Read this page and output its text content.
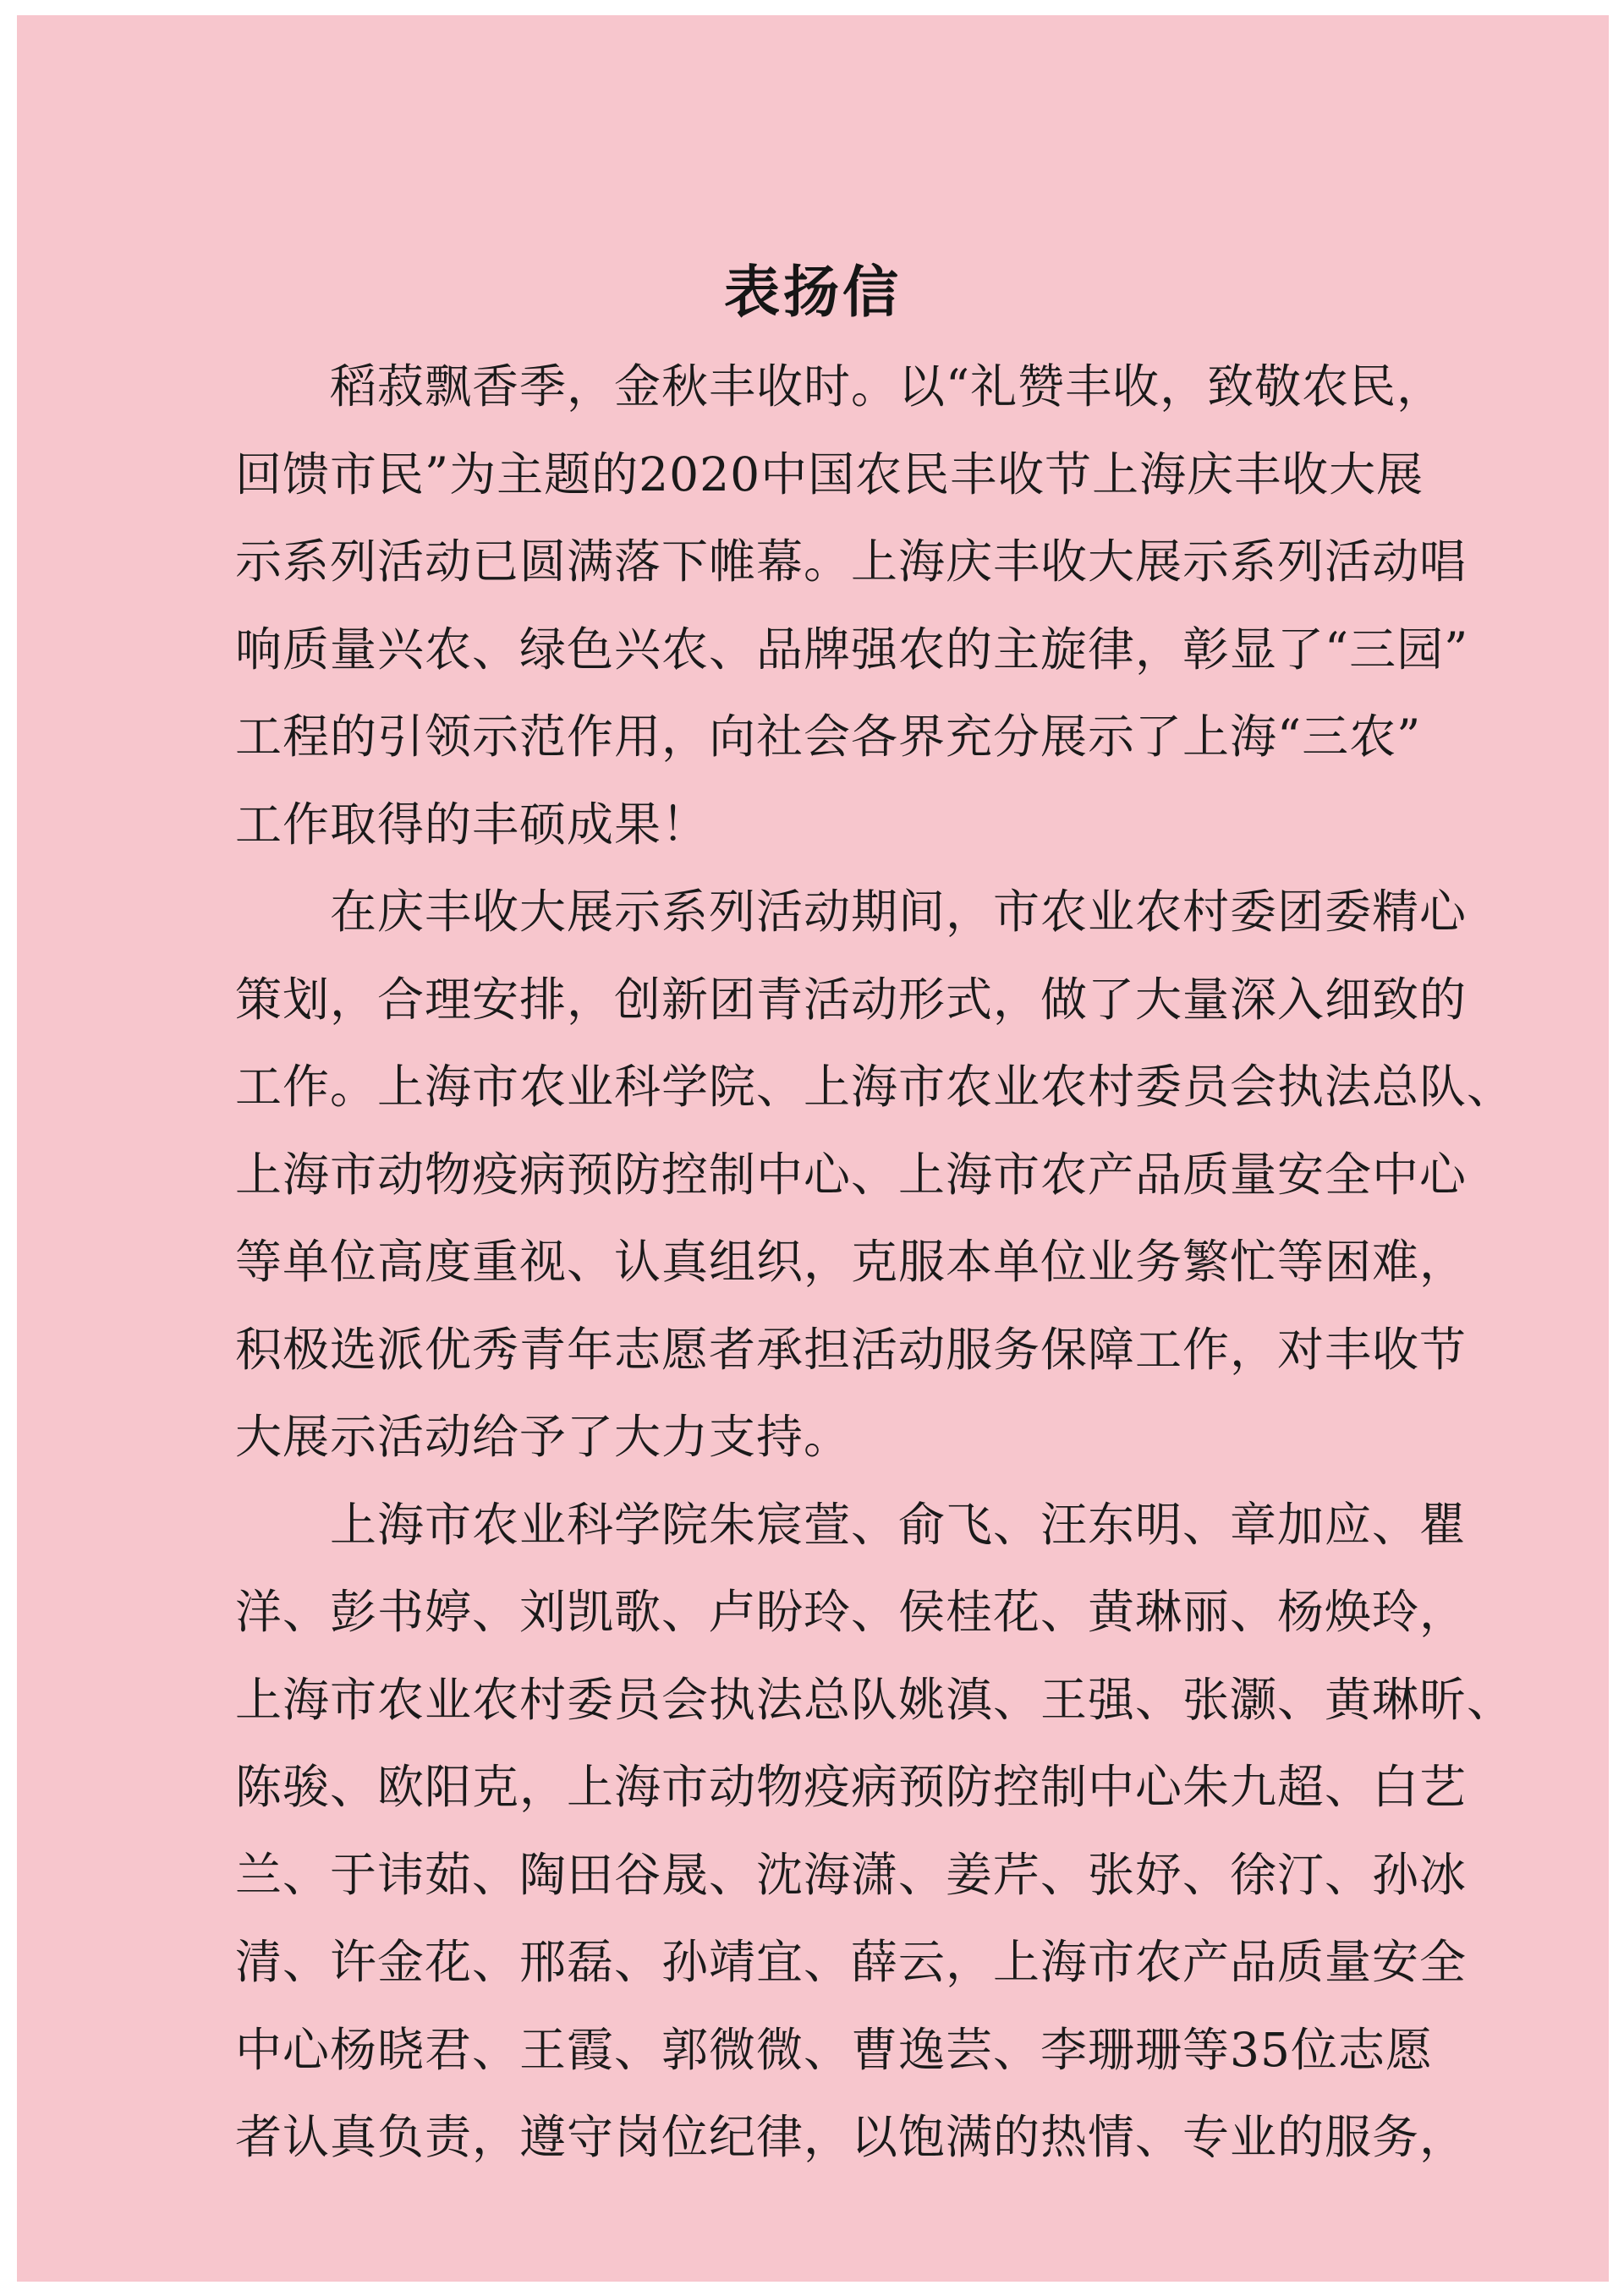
表扬信
稻菽飘香季，金秋丰收时。以“礼赞丰收，致敬农民，
回馈市民”为主题的2020中国农民丰收节上海庆丰收大展
示系列活动已圆满落下帷幕。上海庆丰收大展示系列活动唱
响质量兴农、绿色兴农、品牌强农的主旋律，彰显了“三园”
工程的引领示范作用，向社会各界充分展示了上海“三农”
工作取得的丰硕成果！
在庆丰收大展示系列活动期间，市农业农村委团委精心
策划，合理安排，创新团青活动形式，做了大量深入细致的
工作。上海市农业科学院、上海市农业农村委员会执法总队、
上海市动物疫病预防控制中心、上海市农产品质量安全中心
等单位高度重视、认真组织，克服本单位业务繁忙等困难，
积极选派优秀青年志愿者承担活动服务保障工作，对丰收节
大展示活动给予了大力支持。
上海市农业科学院朱宸萱、俞飞、汪东明、章加应、瞿
洋、彭书婷、刘凯歌、卢盼玲、侯桂花、黄琳丽、杨焕玲，
上海市农业农村委员会执法总队姚滇、王强、张灏、黄琳昕、
陈骏、欧阳克，上海市动物疫病预防控制中心朱九超、白艺
兰、于讳茹、陶田谷晟、沈海潇、姜芹、张妤、徐汀、孙冰
清、许金花、邢磊、孙靖宜、薛云，上海市农产品质量安全
中心杨晓君、王霞、郭微微、曹逸芸、李珊珊等35位志愿
者认真负责，遵守岗位纪律，以饱满的热情、专业的服务，
